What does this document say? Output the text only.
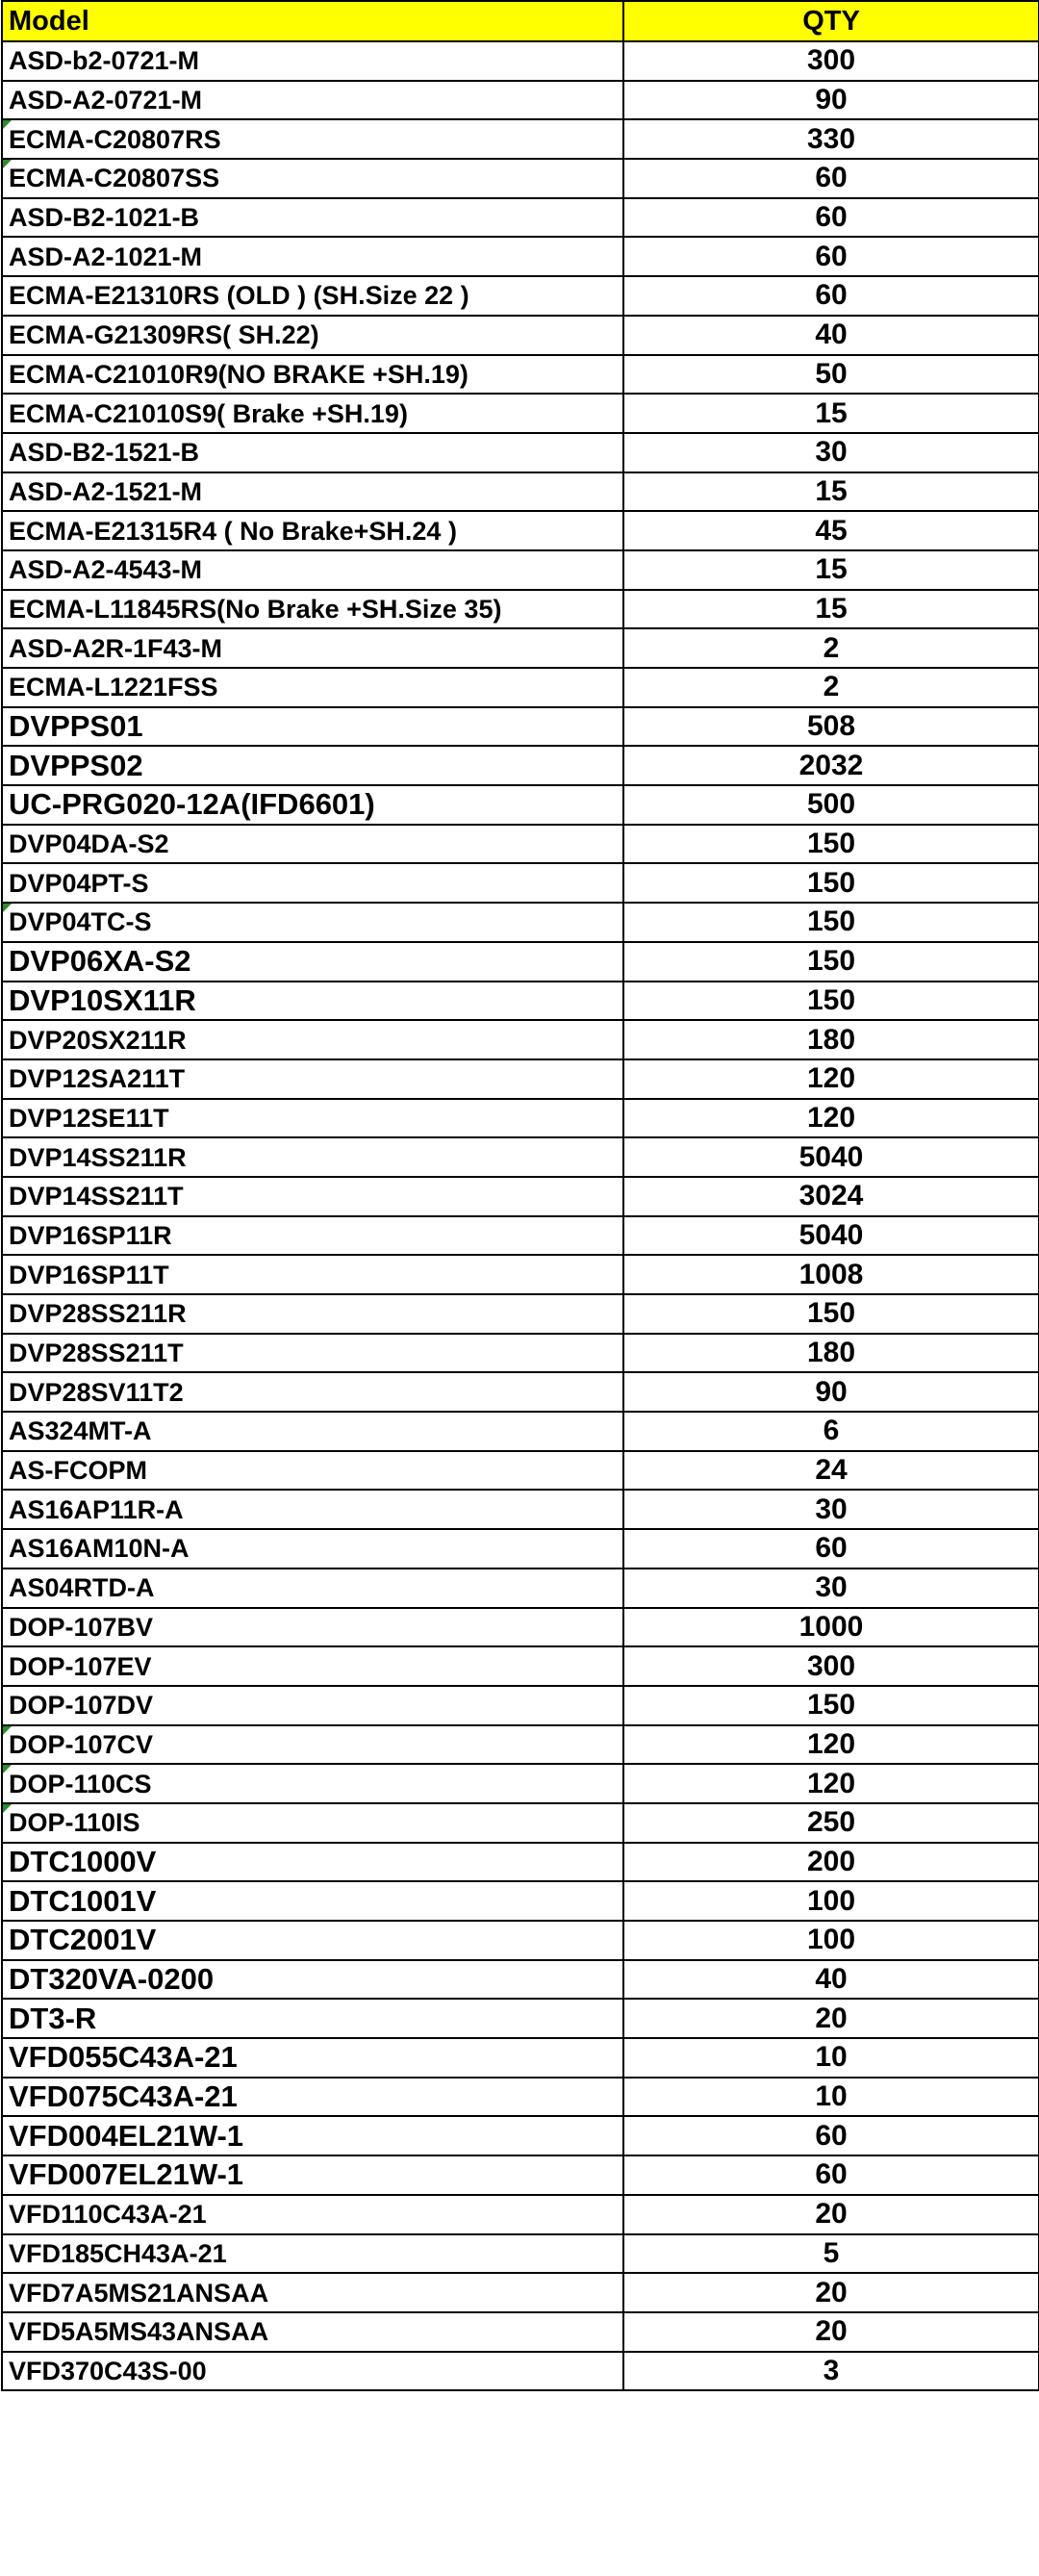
Model	QTY
ASD-b2-0721-M	300
ASD-A2-0721-M	90

ECMA-C20807RS	330

ECMA-C20807SS	60
ASD-B2-1021-B	60
ASD-A2-1021-M	60
ECMA-E21310RS (OLD ) (SH.Size 22 )	60
ECMA-G21309RS( SH.22)	40
ECMA-C21010R9(NO BRAKE +SH.19)	50
ECMA-C21010S9( Brake +SH.19)	15
ASD-B2-1521-B	30
ASD-A2-1521-M	15
ECMA-E21315R4 ( No Brake+SH.24 )	45
ASD-A2-4543-M	15
ECMA-L11845RS(No Brake +SH.Size 35)	15
ASD-A2R-1F43-M	2
ECMA-L1221FSS	2
DVPPS01	508
DVPPS02	2032
UC-PRG020-12A(IFD6601)	500
DVP04DA-S2	150
DVP04PT-S	150

DVP04TC-S	150
DVP06XA-S2	150
DVP10SX11R	150
DVP20SX211R	180
DVP12SA211T	120
DVP12SE11T	120
DVP14SS211R	5040
DVP14SS211T	3024
DVP16SP11R	5040
DVP16SP11T	1008
DVP28SS211R	150
DVP28SS211T	180
DVP28SV11T2	90
AS324MT-A	6
AS-FCOPM	24
AS16AP11R-A	30
AS16AM10N-A	60
AS04RTD-A	30
DOP-107BV	1000
DOP-107EV	300
DOP-107DV	150

DOP-107CV	120

DOP-110CS	120

DOP-110IS	250
DTC1000V	200
DTC1001V	100
DTC2001V	100
DT320VA-0200	40
DT3-R	20
VFD055C43A-21	10
VFD075C43A-21	10
VFD004EL21W-1	60
VFD007EL21W-1	60
VFD110C43A-21	20
VFD185CH43A-21	5
VFD7A5MS21ANSAA	20
VFD5A5MS43ANSAA	20
VFD370C43S-00	3
